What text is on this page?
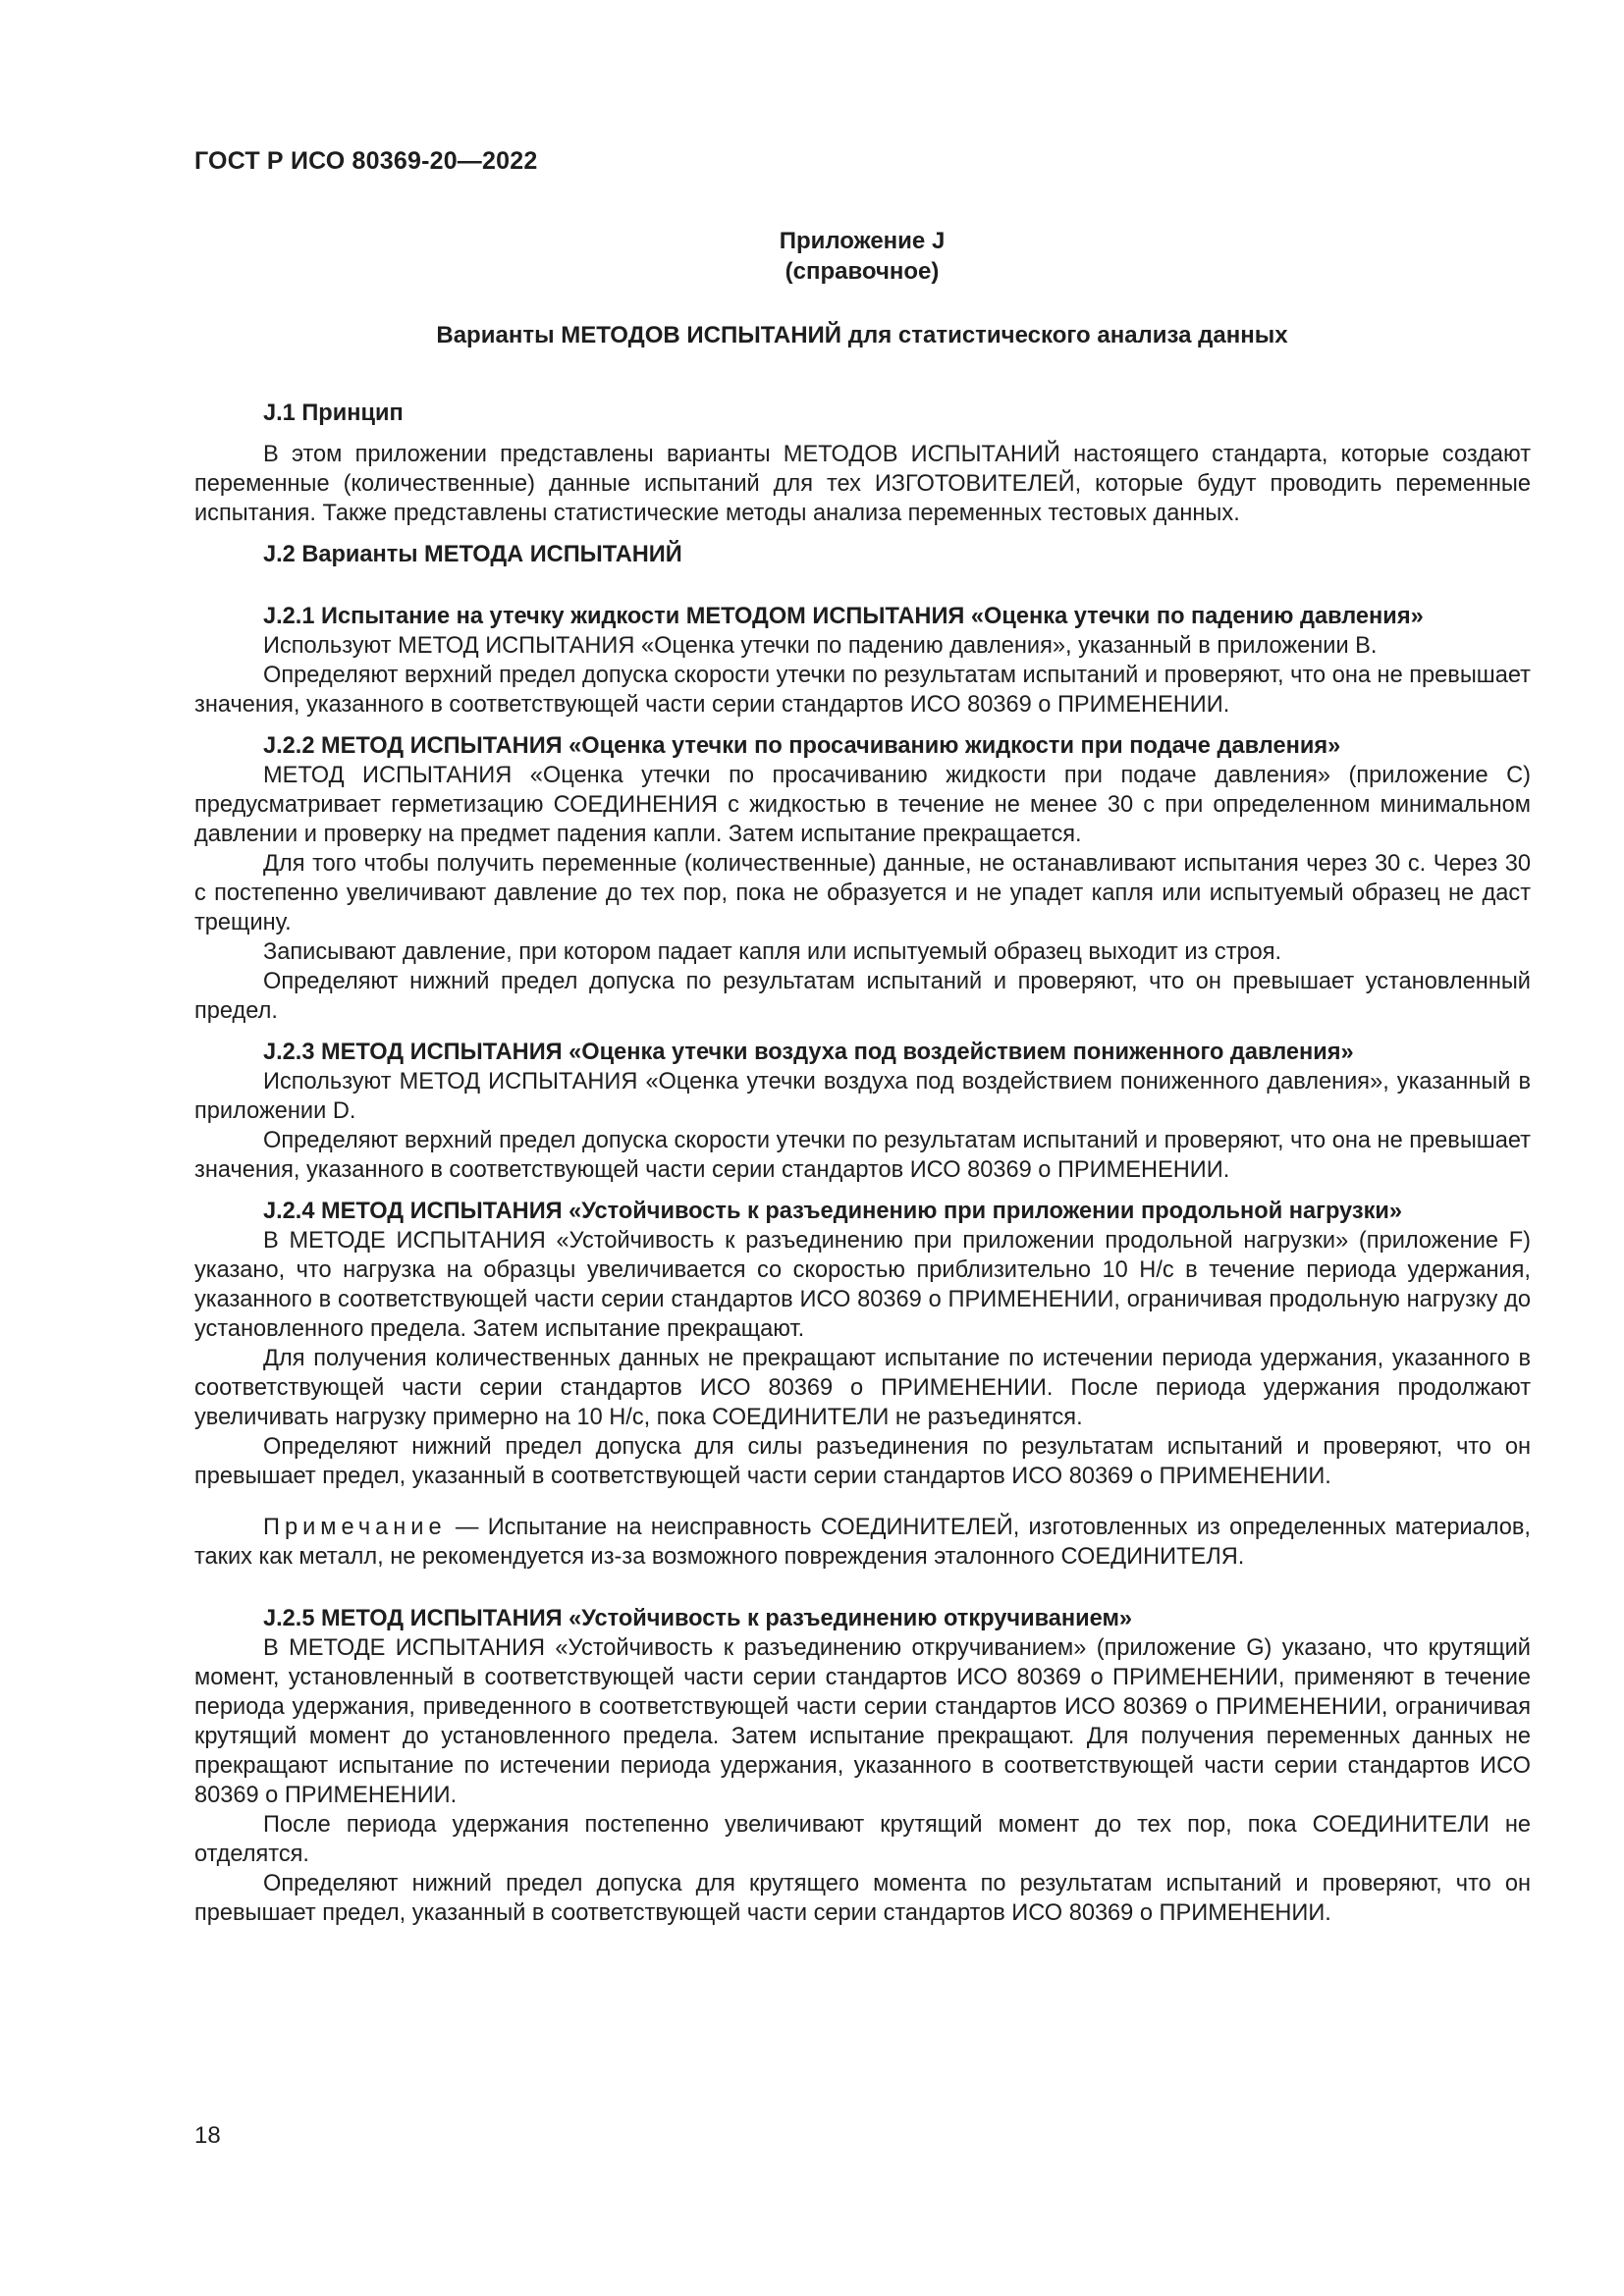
ГОСТ Р ИСО 80369-20—2022
Приложение J
(справочное)
Варианты МЕТОДОВ ИСПЫТАНИЙ для статистического анализа данных
J.1 Принцип

В этом приложении представлены варианты МЕТОДОВ ИСПЫТАНИЙ настоящего стандарта, которые создают переменные (количественные) данные испытаний для тех ИЗГОТОВИТЕЛЕЙ, которые будут проводить переменные испытания. Также представлены статистические методы анализа переменных тестовых данных.

J.2 Варианты МЕТОДА ИСПЫТАНИЙ
J.2.1 Испытание на утечку жидкости МЕТОДОМ ИСПЫТАНИЯ «Оценка утечки по падению давления»

Используют МЕТОД ИСПЫТАНИЯ «Оценка утечки по падению давления», указанный в приложении В.

Определяют верхний предел допуска скорости утечки по результатам испытаний и проверяют, что она не превышает значения, указанного в соответствующей части серии стандартов ИСО 80369 о ПРИМЕНЕНИИ.

J.2.2 МЕТОД ИСПЫТАНИЯ «Оценка утечки по просачиванию жидкости при подаче давления»

МЕТОД ИСПЫТАНИЯ «Оценка утечки по просачиванию жидкости при подаче давления» (приложение С) предусматривает герметизацию СОЕДИНЕНИЯ с жидкостью в течение не менее 30 с при определенном минимальном давлении и проверку на предмет падения капли. Затем испытание прекращается.

Для того чтобы получить переменные (количественные) данные, не останавливают испытания через 30 с. Через 30 с постепенно увеличивают давление до тех пор, пока не образуется и не упадет капля или испытуемый образец не даст трещину.

Записывают давление, при котором падает капля или испытуемый образец выходит из строя.

Определяют нижний предел допуска по результатам испытаний и проверяют, что он превышает установленный предел.

J.2.3 МЕТОД ИСПЫТАНИЯ «Оценка утечки воздуха под воздействием пониженного давления»

Используют МЕТОД ИСПЫТАНИЯ «Оценка утечки воздуха под воздействием пониженного давления», указанный в приложении D.

Определяют верхний предел допуска скорости утечки по результатам испытаний и проверяют, что она не превышает значения, указанного в соответствующей части серии стандартов ИСО 80369 о ПРИМЕНЕНИИ.

J.2.4 МЕТОД ИСПЫТАНИЯ «Устойчивость к разъединению при приложении продольной нагрузки»

В МЕТОДЕ ИСПЫТАНИЯ «Устойчивость к разъединению при приложении продольной нагрузки» (приложение F) указано, что нагрузка на образцы увеличивается со скоростью приблизительно 10 Н/с в течение периода удержания, указанного в соответствующей части серии стандартов ИСО 80369 о ПРИМЕНЕНИИ, ограничивая продольную нагрузку до установленного предела. Затем испытание прекращают.

Для получения количественных данных не прекращают испытание по истечении периода удержания, указанного в соответствующей части серии стандартов ИСО 80369 о ПРИМЕНЕНИИ. После периода удержания продолжают увеличивать нагрузку примерно на 10 Н/с, пока СОЕДИНИТЕЛИ не разъединятся.

Определяют нижний предел допуска для силы разъединения по результатам испытаний и проверяют, что он превышает предел, указанный в соответствующей части серии стандартов ИСО 80369 о ПРИМЕНЕНИИ.

Примечание — Испытание на неисправность СОЕДИНИТЕЛЕЙ, изготовленных из определенных материалов, таких как металл, не рекомендуется из-за возможного повреждения эталонного СОЕДИНИТЕЛЯ.

J.2.5 МЕТОД ИСПЫТАНИЯ «Устойчивость к разъединению откручиванием»

В МЕТОДЕ ИСПЫТАНИЯ «Устойчивость к разъединению откручиванием» (приложение G) указано, что крутящий момент, установленный в соответствующей части серии стандартов ИСО 80369 о ПРИМЕНЕНИИ, применяют в течение периода удержания, приведенного в соответствующей части серии стандартов ИСО 80369 о ПРИМЕНЕНИИ, ограничивая крутящий момент до установленного предела. Затем испытание прекращают. Для получения переменных данных не прекращают испытание по истечении периода удержания, указанного в соответствующей части серии стандартов ИСО 80369 о ПРИМЕНЕНИИ.

После периода удержания постепенно увеличивают крутящий момент до тех пор, пока СОЕДИНИТЕЛИ не отделятся.

Определяют нижний предел допуска для крутящего момента по результатам испытаний и проверяют, что он превышает предел, указанный в соответствующей части серии стандартов ИСО 80369 о ПРИМЕНЕНИИ.

18
